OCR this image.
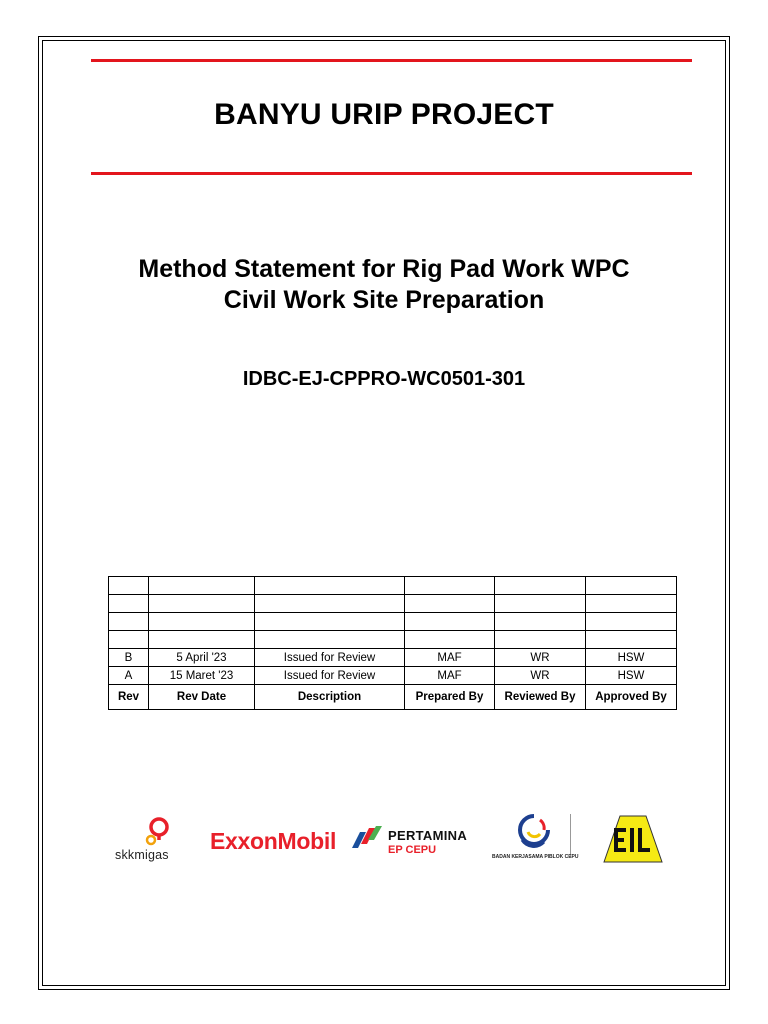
BANYU URIP PROJECT
Method Statement for Rig Pad Work WPC
Civil Work Site Preparation
IDBC-EJ-CPPRO-WC0501-301

B	5 April '23	Issued for Review	MAF	WR	HSW
A	15 Maret '23	Issued for Review	MAF	WR	HSW
Rev	Rev Date	Description	Prepared By	Reviewed By	Approved By
skkmigas
ExxonMobil	PERTAMINA
EP CEPU
BADAN KERJASAMA PIBLOK CEPU
